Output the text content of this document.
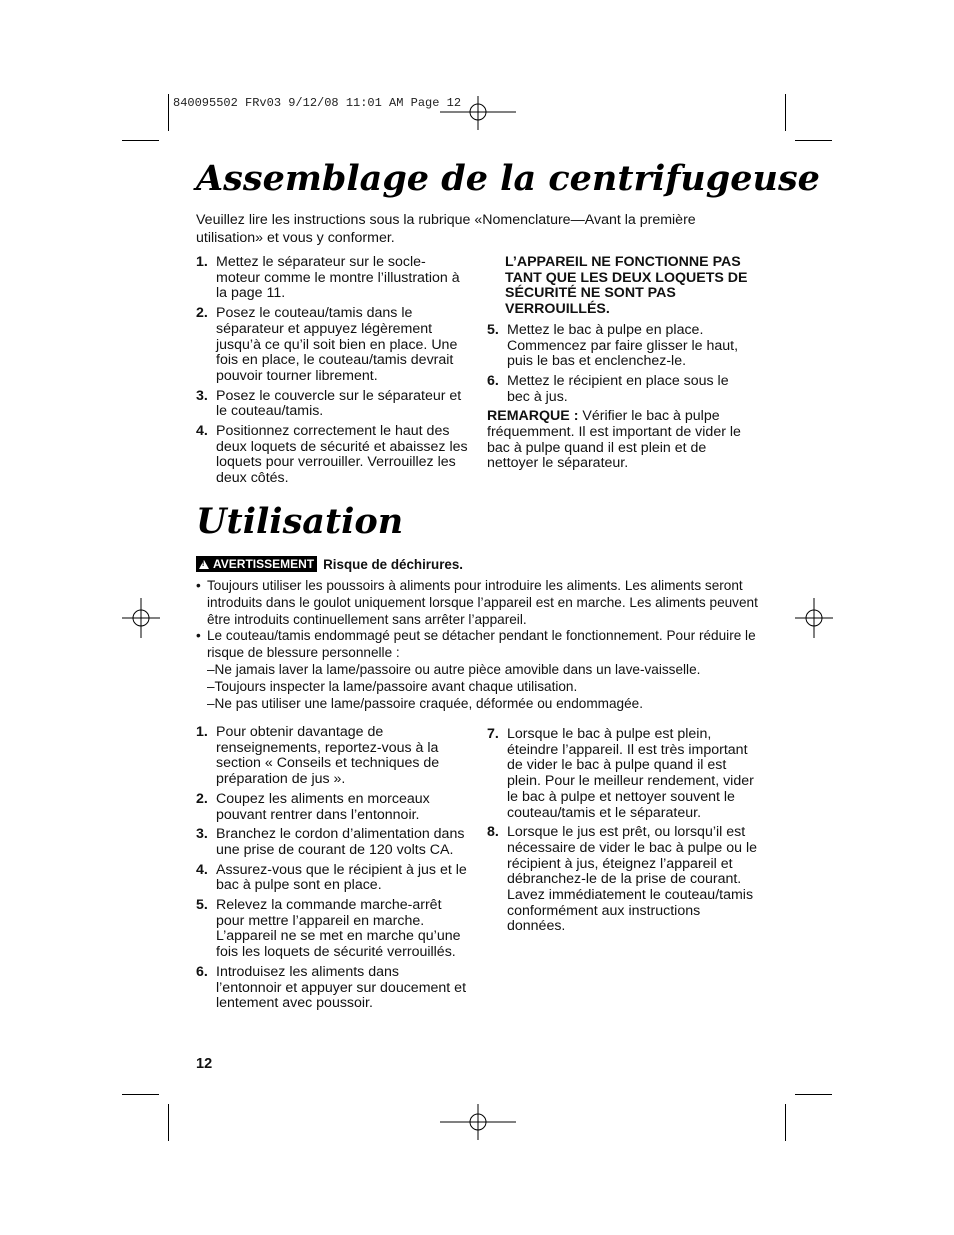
840095502 FRv03 9/12/08 11:01 AM Page 12
Assemblage de la centrifugeuse

Veuillez lire les instructions sous la rubrique «Nomenclature—Avant la première utilisation» et vous y conformer.

1. Mettez le séparateur sur le socle-moteur comme le montre l’illustration à la page 11.
2. Posez le couteau/tamis dans le séparateur et appuyez légèrement jusqu’à ce qu’il soit bien en place. Une fois en place, le couteau/tamis devrait pouvoir tourner librement.
3. Posez le couvercle sur le séparateur et le couteau/tamis.
4. Positionnez correctement le haut des deux loquets de sécurité et abaissez les loquets pour verrouiller. Verrouillez les deux côtés.

L’APPAREIL NE FONCTIONNE PAS TANT QUE LES DEUX LOQUETS DE SÉCURITÉ NE SONT PAS VERROUILLÉS.

5. Mettez le bac à pulpe en place. Commencez par faire glisser le haut, puis le bas et enclenchez-le.
6. Mettez le récipient en place sous le bec à jus.

REMARQUE : Vérifier le bac à pulpe fréquemment. Il est important de vider le bac à pulpe quand il est plein et de nettoyer le séparateur.

Utilisation
!AVERTISSEMENT Risque de déchirures.
• Toujours utiliser les poussoirs à aliments pour introduire les aliments. Les aliments seront introduits dans le goulot uniquement lorsque l’appareil est en marche. Les aliments peuvent être introduits continuellement sans arrêter l’appareil.
• Le couteau/tamis endommagé peut se détacher pendant le fonctionnement. Pour réduire le risque de blessure personnelle :
–Ne jamais laver la lame/passoire ou autre pièce amovible dans un lave-vaisselle.
–Toujours inspecter la lame/passoire avant chaque utilisation.
–Ne pas utiliser une lame/passoire craquée, déformée ou endommagée.
1. Pour obtenir davantage de renseignements, reportez-vous à la section « Conseils et techniques de préparation de jus ».
2. Coupez les aliments en morceaux pouvant rentrer dans l’entonnoir.
3. Branchez le cordon d’alimentation dans une prise de courant de 120 volts CA.
4. Assurez-vous que le récipient à jus et le bac à pulpe sont en place.
5. Relevez la commande marche-arrêt pour mettre l’appareil en marche. L’appareil ne se met en marche qu’une fois les loquets de sécurité verrouillés.
6. Introduisez les aliments dans l’entonnoir et appuyer sur doucement et lentement avec poussoir.
7. Lorsque le bac à pulpe est plein, éteindre l’appareil. Il est très important de vider le bac à pulpe quand il est plein. Pour le meilleur rendement, vider le bac à pulpe et nettoyer souvent le couteau/tamis et le séparateur.
8. Lorsque le jus est prêt, ou lorsqu’il est nécessaire de vider le bac à pulpe ou le récipient à jus, éteignez l’appareil et débranchez-le de la prise de courant. Lavez immédiatement le couteau/tamis conformément aux instructions données.
12
